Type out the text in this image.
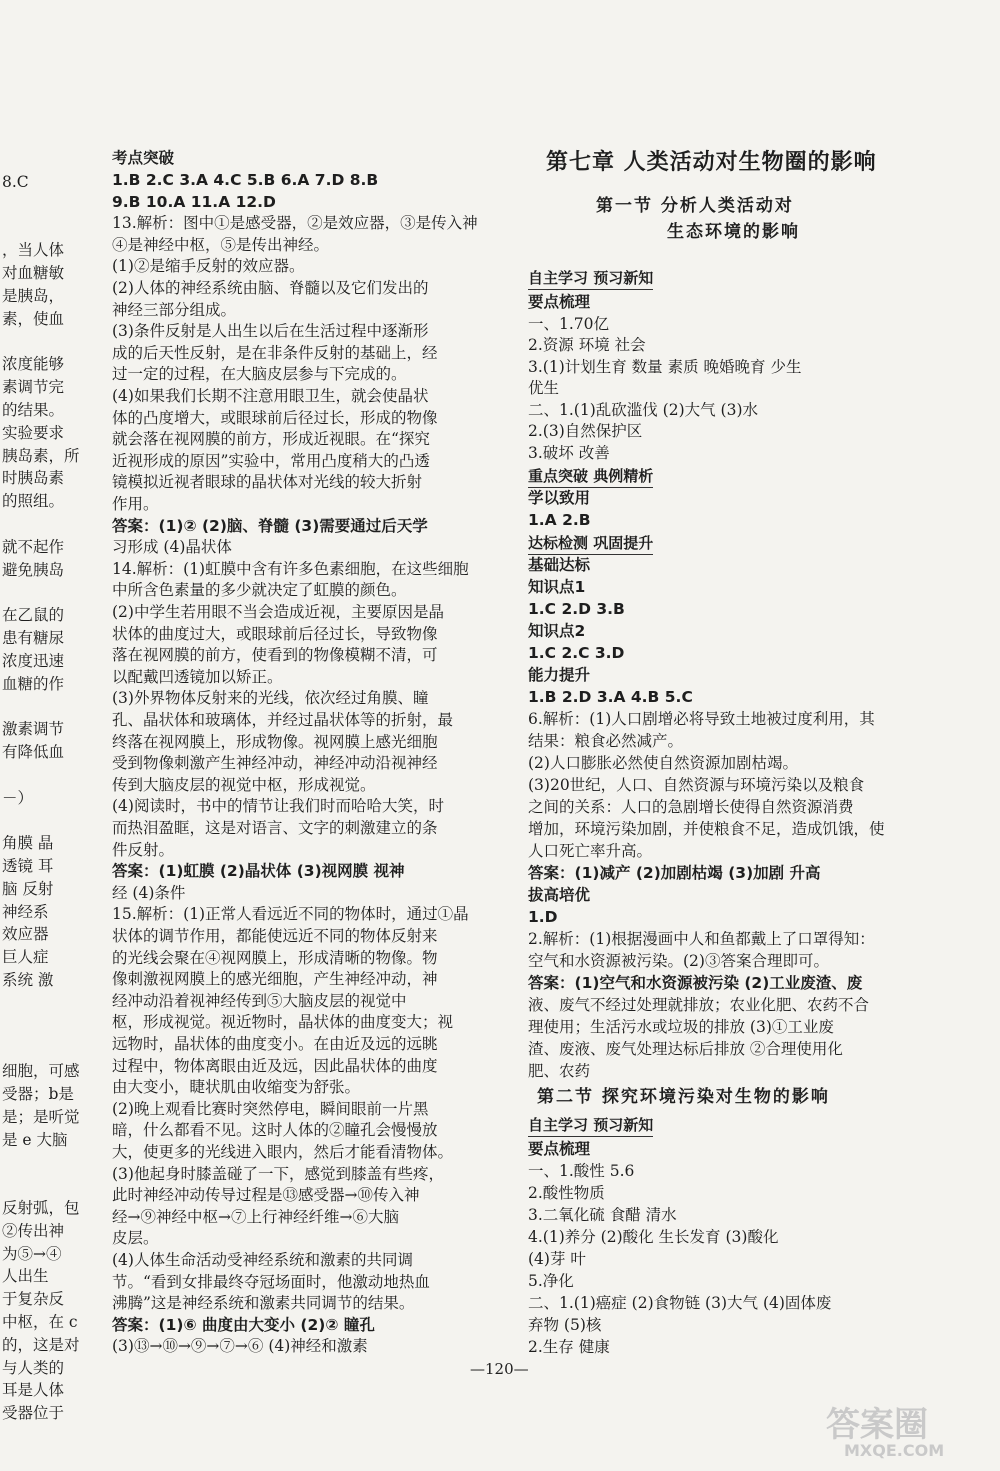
8.C
，当人体
对血糖敏
是胰岛，
素，使血
浓度能够
素调节完
的结果。
实验要求
胰岛素，所
时胰岛素
的照组。
就不起作
避免胰岛
在乙鼠的
患有糖尿
浓度迅速
血糖的作
激素调节
有降低血
－）
角膜 晶
透镜 耳
脑 反射
神经系
效应器
巨人症
系统 激
细胞，可感
受器；b是
是；是听觉
是 e 大脑
反射弧，包
②传出神
为⑤→④
人出生
于复杂反
中枢，在 c
的，这是对
与人类的
耳是人体
受器位于
考点突破
1.B 2.C 3.A 4.C 5.B 6.A 7.D 8.B
9.B 10.A 11.A 12.D
13.解析：图中①是感受器，②是效应器，③是传入神
④是神经中枢，⑤是传出神经。
(1)②是缩手反射的效应器。
(2)人体的神经系统由脑、脊髓以及它们发出的
神经三部分组成。
(3)条件反射是人出生以后在生活过程中逐渐形
成的后天性反射，是在非条件反射的基础上，经
过一定的过程，在大脑皮层参与下完成的。
(4)如果我们长期不注意用眼卫生，就会使晶状
体的凸度增大，或眼球前后径过长，形成的物像
就会落在视网膜的前方，形成近视眼。在“探究
近视形成的原因”实验中，常用凸度稍大的凸透
镜模拟近视者眼球的晶状体对光线的较大折射
作用。
答案：(1)② (2)脑、脊髓 (3)需要通过后天学
习形成 (4)晶状体
14.解析：(1)虹膜中含有许多色素细胞，在这些细胞
中所含色素量的多少就决定了虹膜的颜色。
(2)中学生若用眼不当会造成近视，主要原因是晶
状体的曲度过大，或眼球前后径过长，导致物像
落在视网膜的前方，使看到的物像模糊不清，可
以配戴凹透镜加以矫正。
(3)外界物体反射来的光线，依次经过角膜、瞳
孔、晶状体和玻璃体，并经过晶状体等的折射，最
终落在视网膜上，形成物像。视网膜上感光细胞
受到物像刺激产生神经冲动，神经冲动沿视神经
传到大脑皮层的视觉中枢，形成视觉。
(4)阅读时，书中的情节让我们时而哈哈大笑，时
而热泪盈眶，这是对语言、文字的刺激建立的条
件反射。
答案：(1)虹膜 (2)晶状体 (3)视网膜 视神
经 (4)条件
15.解析：(1)正常人看远近不同的物体时，通过①晶
状体的调节作用，都能使远近不同的物体反射来
的光线会聚在④视网膜上，形成清晰的物像。物
像刺激视网膜上的感光细胞，产生神经冲动，神
经冲动沿着视神经传到⑤大脑皮层的视觉中
枢，形成视觉。视近物时，晶状体的曲度变大；视
远物时，晶状体的曲度变小。在由近及远的远眺
过程中，物体离眼由近及远，因此晶状体的曲度
由大变小，睫状肌由收缩变为舒张。
(2)晚上观看比赛时突然停电，瞬间眼前一片黑
暗，什么都看不见。这时人体的②瞳孔会慢慢放
大，使更多的光线进入眼内，然后才能看清物体。
(3)他起身时膝盖碰了一下，感觉到膝盖有些疼，
此时神经冲动传导过程是⑬感受器→⑩传入神
经→⑨神经中枢→⑦上行神经纤维→⑥大脑
皮层。
(4)人体生命活动受神经系统和激素的共同调
节。“看到女排最终夺冠场面时，他激动地热血
沸腾”这是神经系统和激素共同调节的结果。
答案：(1)⑥ 曲度由大变小 (2)② 瞳孔
(3)⑬→⑩→⑨→⑦→⑥ (4)神经和激素
第七章 人类活动对生物圈的影响
第一节 分析人类活动对
生态环境的影响
自主学习 预习新知
要点梳理
一、1.70亿
2.资源 环境 社会
3.(1)计划生育 数量 素质 晚婚晚育 少生
优生
二、1.(1)乱砍滥伐 (2)大气 (3)水
2.(3)自然保护区
3.破坏 改善
重点突破 典例精析
学以致用
1.A 2.B
达标检测 巩固提升
基础达标
知识点1
1.C 2.D 3.B
知识点2
1.C 2.C 3.D
能力提升
1.B 2.D 3.A 4.B 5.C
6.解析：(1)人口剧增必将导致土地被过度利用，其
结果：粮食必然减产。
(2)人口膨胀必然使自然资源加剧枯竭。
(3)20世纪，人口、自然资源与环境污染以及粮食
之间的关系：人口的急剧增长使得自然资源消费
增加，环境污染加剧，并使粮食不足，造成饥饿，使
人口死亡率升高。
答案：(1)减产 (2)加剧枯竭 (3)加剧 升高
拔高培优
1.D
2.解析：(1)根据漫画中人和鱼都戴上了口罩得知：
空气和水资源被污染。(2)③答案合理即可。
答案：(1)空气和水资源被污染 (2)工业废渣、废
液、废气不经过处理就排放；农业化肥、农药不合
理使用；生活污水或垃圾的排放 (3)①工业废
渣、废液、废气处理达标后排放 ②合理使用化
肥、农药
第二节 探究环境污染对生物的影响
自主学习 预习新知
要点梳理
一、1.酸性 5.6
2.酸性物质
3.二氧化硫 食醋 清水
4.(1)养分 (2)酸化 生长发育 (3)酸化
(4)芽 叶
5.净化
二、1.(1)癌症 (2)食物链 (3)大气 (4)固体废
弃物 (5)核
2.生存 健康
—120—
答案圈
MXQE.COM
